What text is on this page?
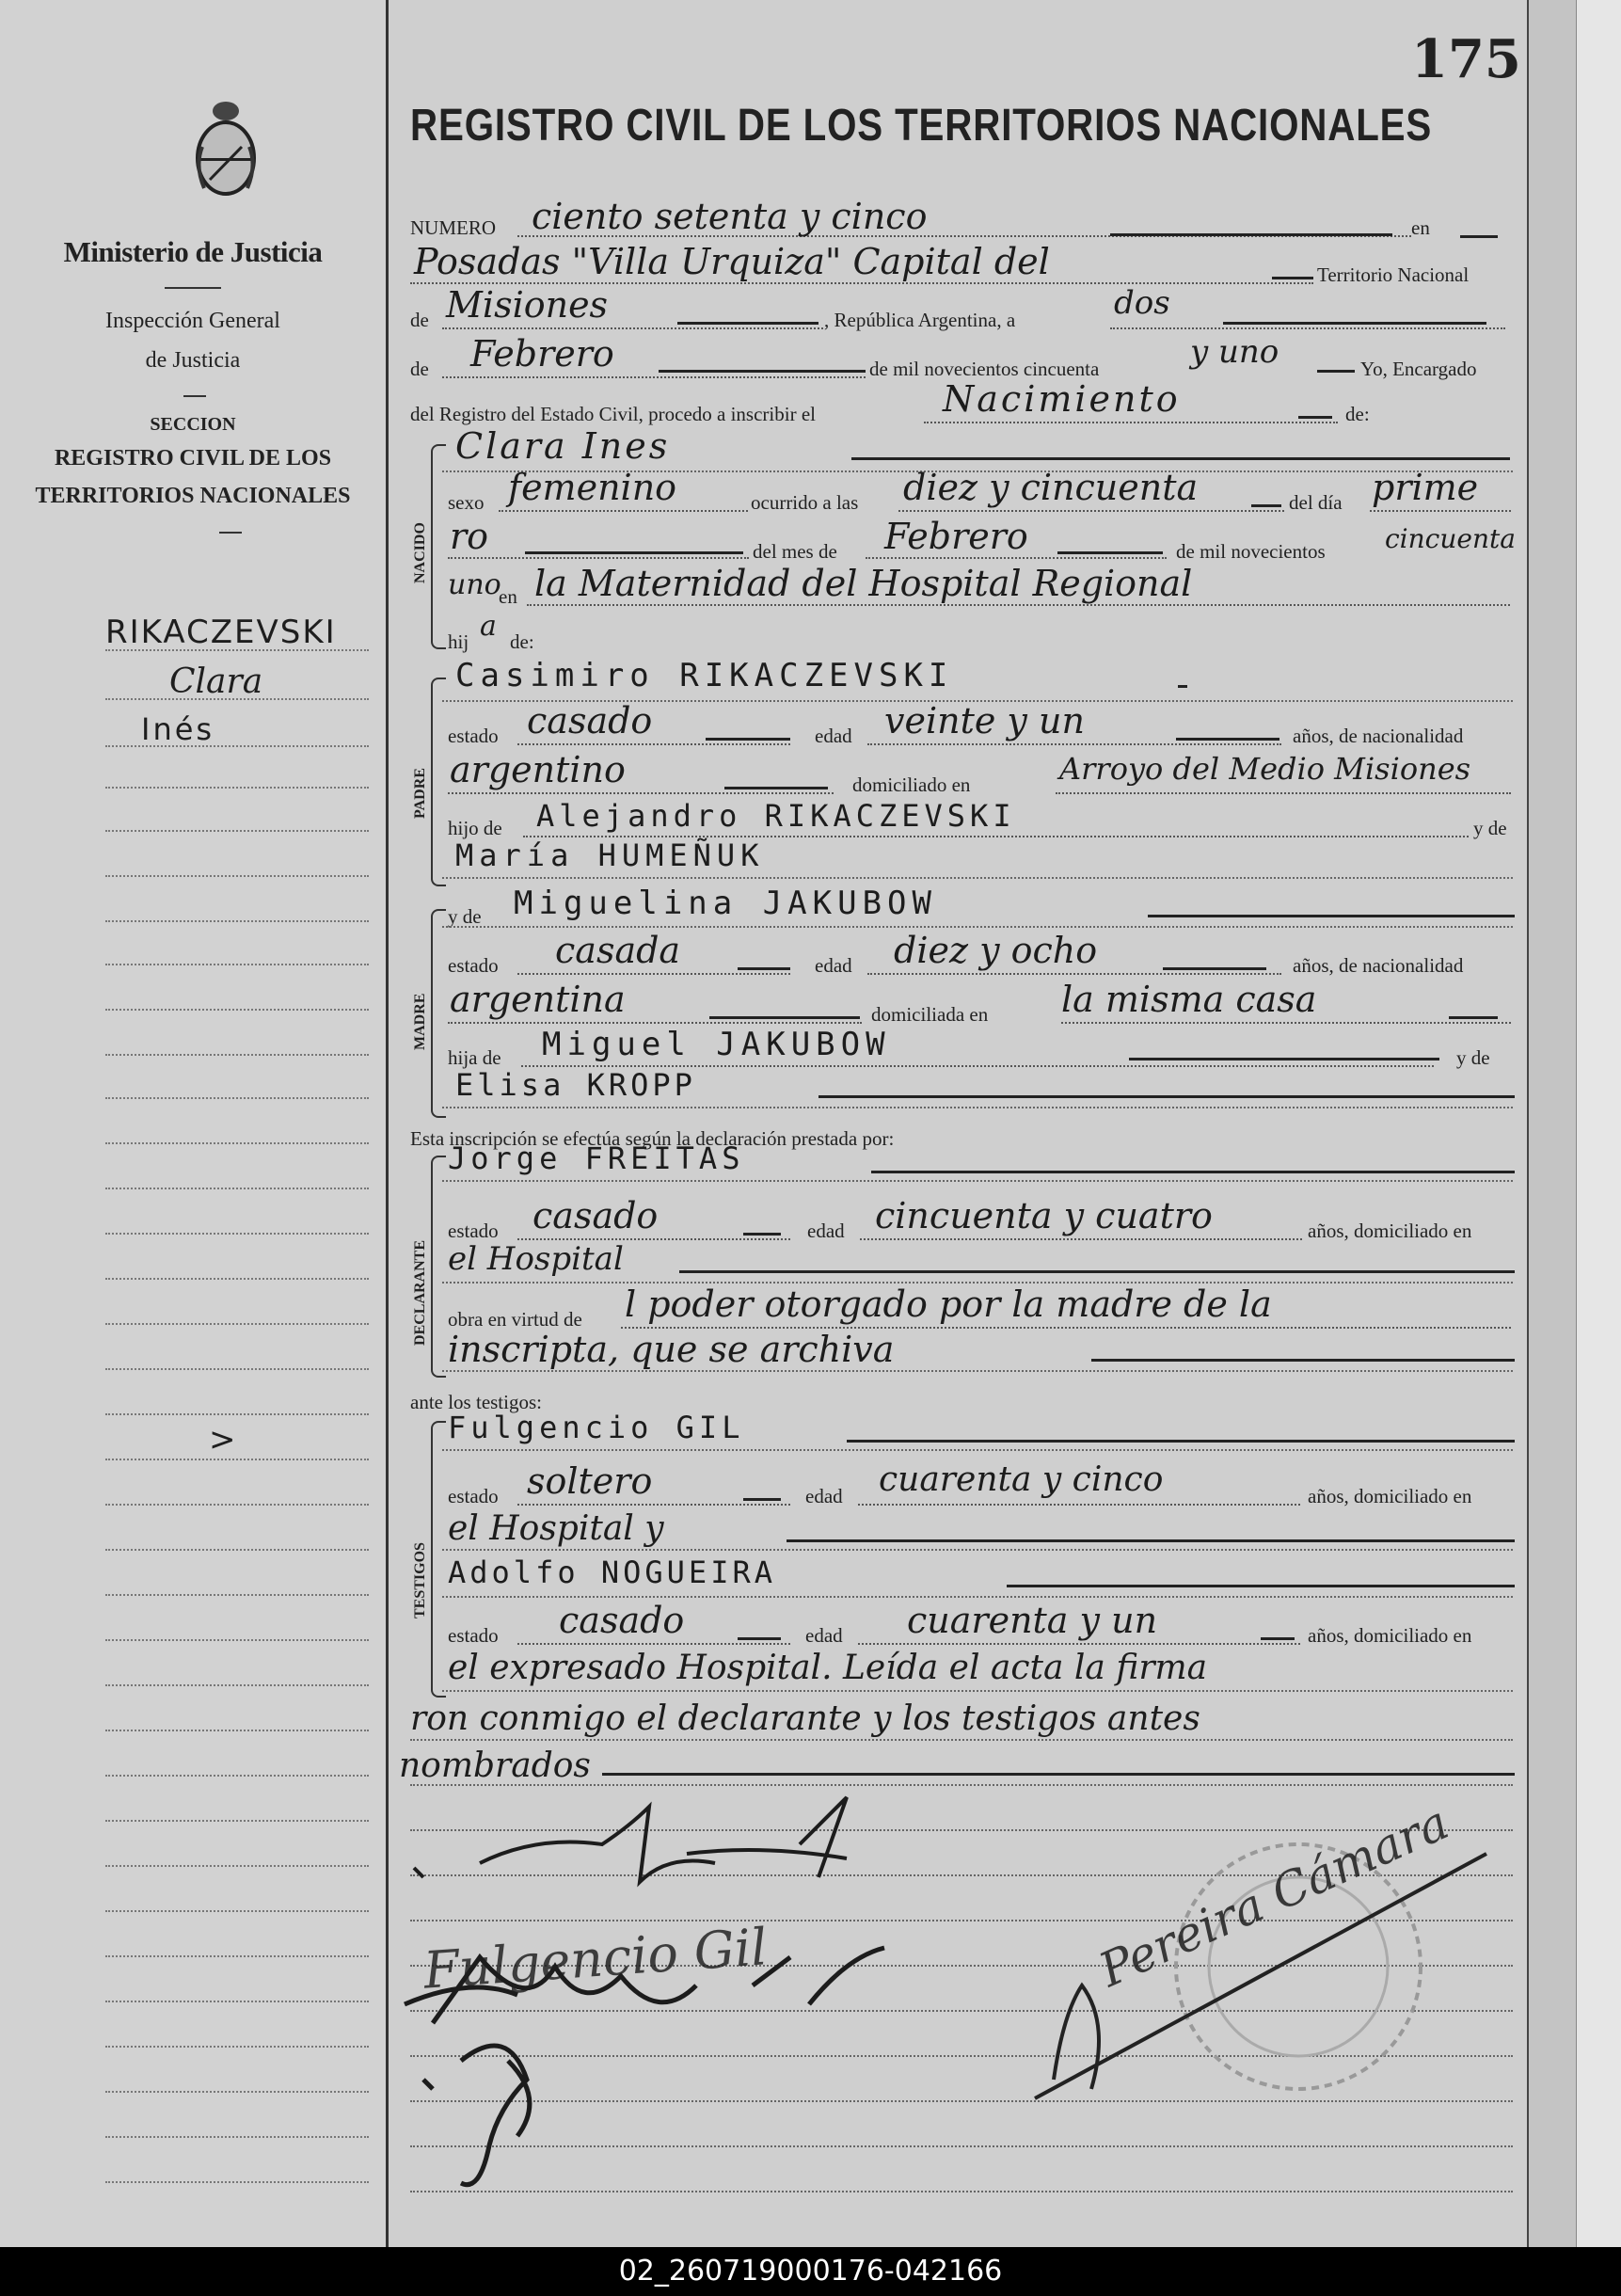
Ministerio de Justicia
Inspección General
de Justicia
SECCION
REGISTRO CIVIL DE LOS
TERRITORIOS NACIONALES
RIKACZEVSKI
Clara
Inés
>
175
REGISTRO CIVIL DE LOS TERRITORIOS NACIONALES
NUMERO ciento setenta y cinco	en
Posadas "Villa Urquiza" Capital del	Territorio Nacional
de Misiones	, República Argentina, a	dos
de Febrero	de mil novecientos cincuenta	y uno	Yo, Encargado
del Registro del Estado Civil, procedo a inscribir el	Nacimiento	de:
NACIDO
Clara Ines
sexo femenino	ocurrido a las diez y cincuenta	del día prime
ro	del mes de Febrero	de mil novecientos cincuenta
uno
en la Maternidad del Hospital Regional
hij a de:
PADRE
Casimiro RIKACZEVSKI
estado casado	edad veinte y un	años, de nacionalidad
argentino	domiciliado en	Arroyo del Medio Misiones
hijo de Alejandro RIKACZEVSKI	y de
María HUMEÑUK
MADRE
y de Miguelina JAKUBOW
estado casada	edad diez y ocho	años, de nacionalidad
argentina	domiciliada en la misma casa
hija de Miguel JAKUBOW	y de
Elisa KROPP
Esta inscripción se efectúa según la declaración prestada por:
DECLARANTE
Jorge FREITAS
estado casado	edad cincuenta y cuatro	años, domiciliado en
el Hospital
obra en virtud de l poder otorgado por la madre de la
inscripta, que se archiva
ante los testigos:
TESTIGOS
Fulgencio GIL
estado soltero	edad cuarenta y cinco	años, domiciliado en
el Hospital y
Adolfo NOGUEIRA
estado casado	edad cuarenta y un	años, domiciliado en
el expresado Hospital. Leída el acta la firma
ron conmigo el declarante y los testigos antes
nombrados
Fulgencio Gil	Pereira Cámara
02_260719000176-042166
